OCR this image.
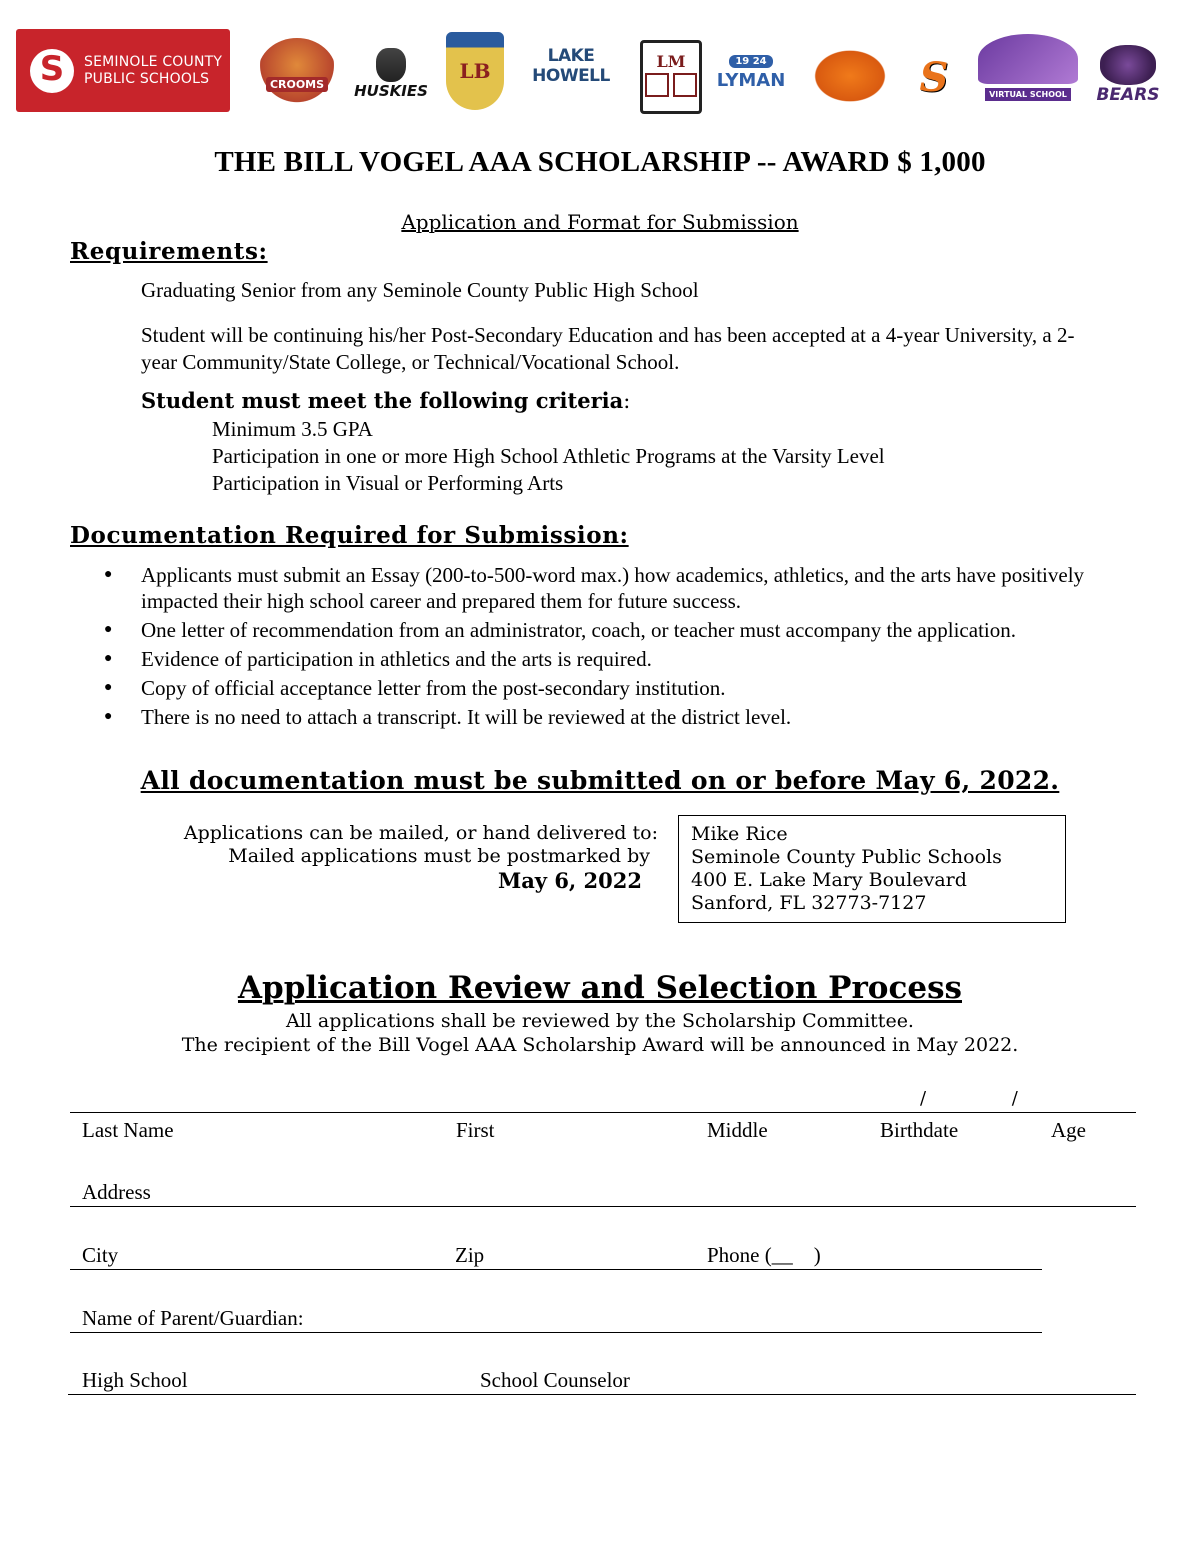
S
SEMINOLE COUNTY
PUBLIC SCHOOLS	CROOMS HUSKIES
LB
LAKE HOWELL
LM	19 24
LYMAN	S	VIRTUAL SCHOOL BEARS
THE BILL VOGEL AAA SCHOLARSHIP -- AWARD $ 1,000
Application and Format for Submission
Requirements:
Graduating Senior from any Seminole County Public High School
Student will be continuing his/her Post-Secondary Education and has been accepted at a 4-year University, a 2-year Community/State College, or Technical/Vocational School.
Student must meet the following criteria:
Minimum 3.5 GPA
Participation in one or more High School Athletic Programs at the Varsity Level
Participation in Visual or Performing Arts
Documentation Required for Submission:
● Applicants must submit an Essay (200-to-500-word max.) how academics, athletics, and the arts have positively impacted their high school career and prepared them for future success.
● One letter of recommendation from an administrator, coach, or teacher must accompany the application.
● Evidence of participation in athletics and the arts is required.
● Copy of official acceptance letter from the post-secondary institution.
● There is no need to attach a transcript. It will be reviewed at the district level.
All documentation must be submitted on or before May 6, 2022.
Applications can be mailed, or hand delivered to:
Mailed applications must be postmarked by
May 6, 2022
Mike Rice
Seminole County Public Schools
400 E. Lake Mary Boulevard
Sanford, FL 32773-7127
Application Review and Selection Process
All applications shall be reviewed by the Scholarship Committee.
The recipient of the Bill Vogel AAA Scholarship Award will be announced in May 2022.
/ /
Last Name	First	Middle	Birthdate	Age
Address
City	Zip	Phone (__    )
Name of Parent/Guardian:
High School	School Counselor
